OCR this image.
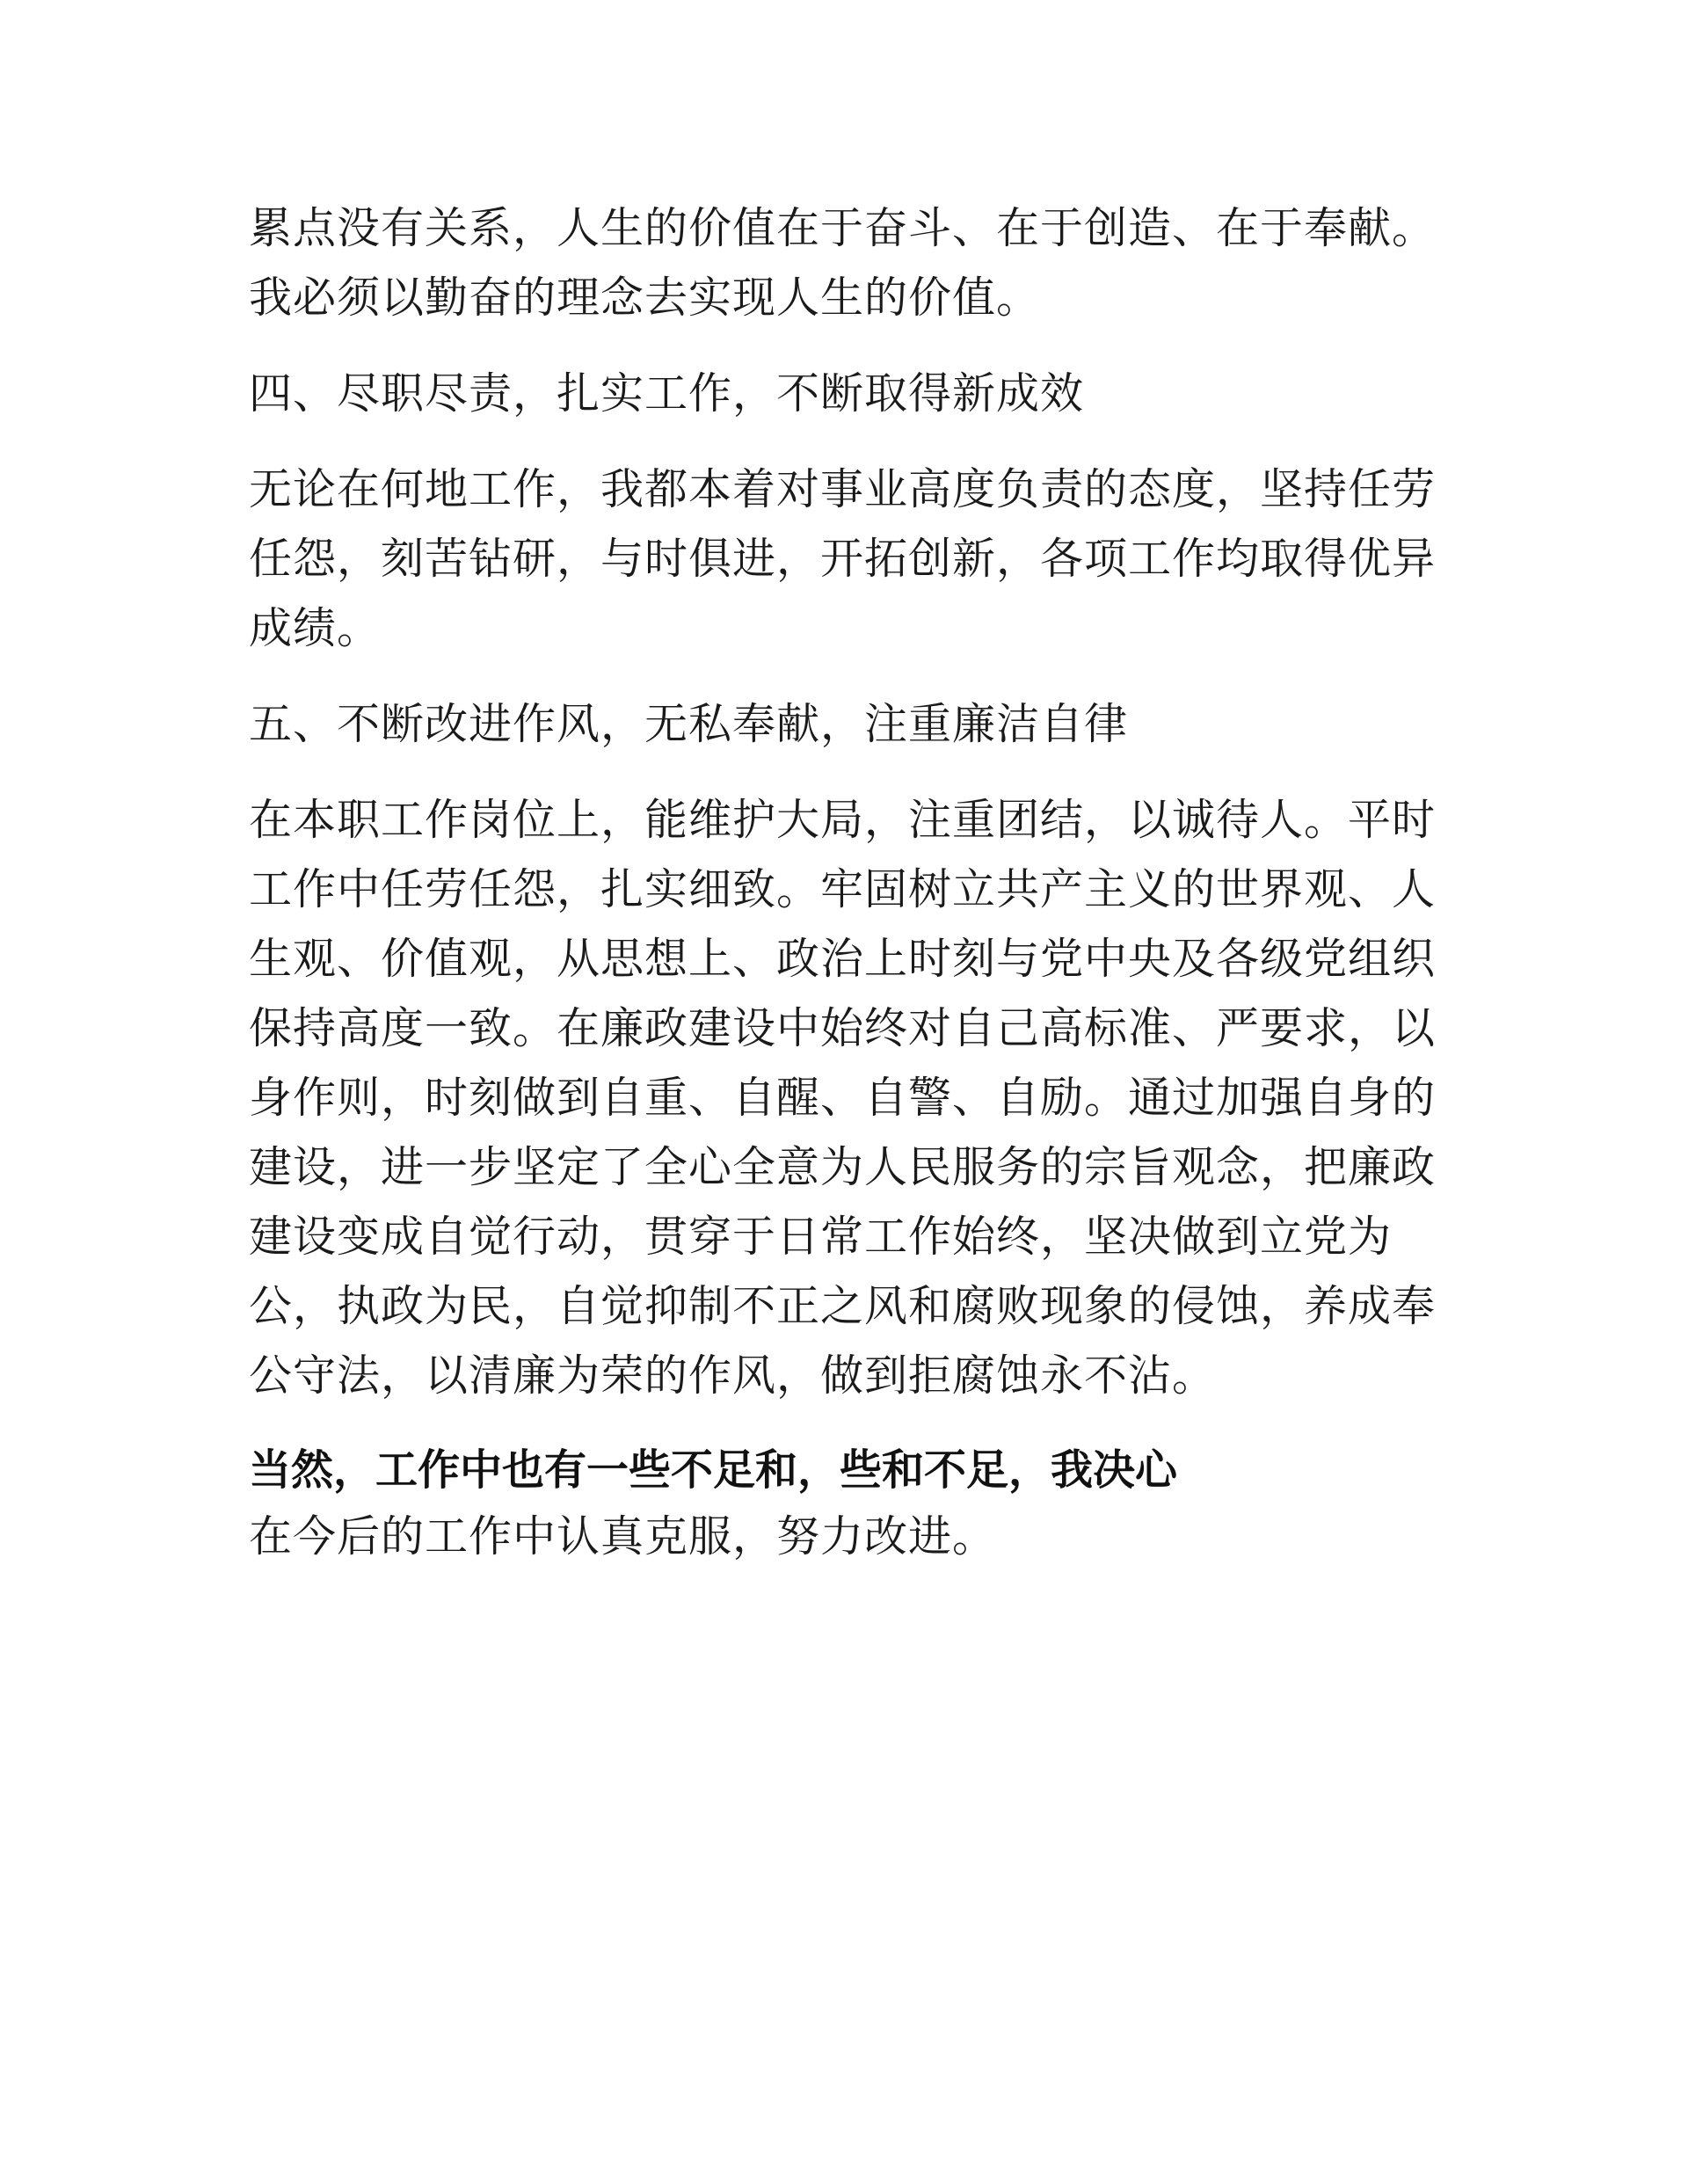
累点没有关系，人生的价值在于奋斗、在于创造、在于奉献。
我必须以勤奋的理念去实现人生的价值。

四、尽职尽责，扎实工作，不断取得新成效

无论在何地工作，我都本着对事业高度负责的态度，坚持任劳
任怨，刻苦钻研，与时俱进，开拓创新，各项工作均取得优异
成绩。

五、不断改进作风，无私奉献，注重廉洁自律

在本职工作岗位上，能维护大局，注重团结，以诚待人。平时
工作中任劳任怨，扎实细致。牢固树立共产主义的世界观、人
生观、价值观，从思想上、政治上时刻与党中央及各级党组织
保持高度一致。在廉政建设中始终对自己高标准、严要求，以
身作则，时刻做到自重、自醒、自警、自励。通过加强自身的
建设，进一步坚定了全心全意为人民服务的宗旨观念，把廉政
建设变成自觉行动，贯穿于日常工作始终，坚决做到立党为
公，执政为民，自觉抑制不正之风和腐败现象的侵蚀，养成奉
公守法，以清廉为荣的作风，做到拒腐蚀永不沾。

当然，工作中也有一些不足和，些和不足，我决心
在今后的工作中认真克服，努力改进。
